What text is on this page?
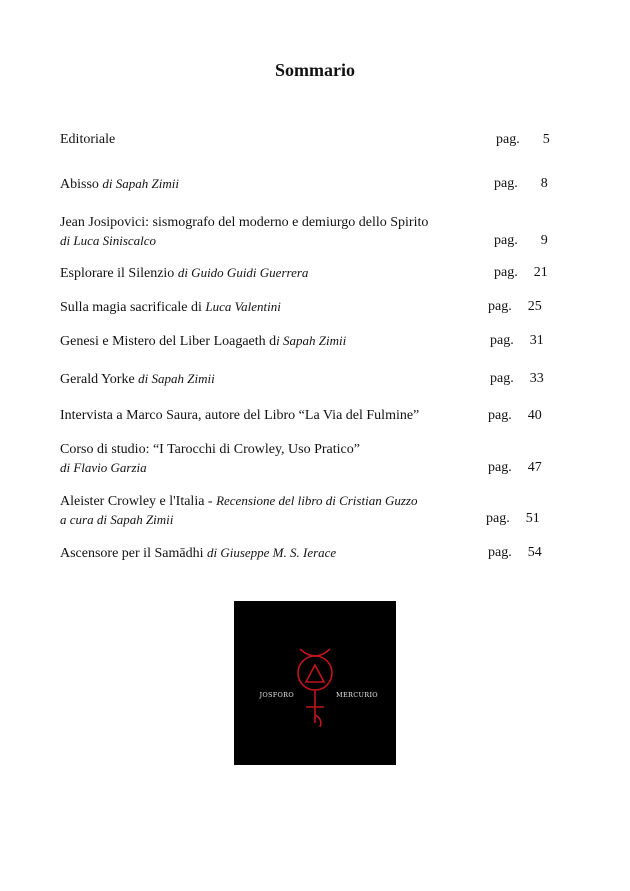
Sommario
Editoriale	pag. 5
Abisso di Sapah Zimii	pag. 8
Jean Josipovici: sismografo del moderno e demiurgo dello Spirito
di Luca Siniscalco	pag. 9
Esplorare il Silenzio di Guido Guidi Guerrera	pag. 21
Sulla magia sacrificale di Luca Valentini	pag. 25
Genesi e Mistero del Liber Loagaeth di Sapah Zimii	pag. 31
Gerald Yorke di Sapah Zimii	pag. 33
Intervista a Marco Saura, autore del Libro “La Via del Fulmine”	pag. 40
Corso di studio: “I Tarocchi di Crowley, Uso Pratico”
di Flavio Garzia	pag. 47
Aleister Crowley e l'Italia - Recensione del libro di Cristian Guzzo
a cura di Sapah Zimii	pag. 51
Ascensore per il Samādhi di Giuseppe M. S. Ierace	pag. 54
JOSFORO	MERCURIO
